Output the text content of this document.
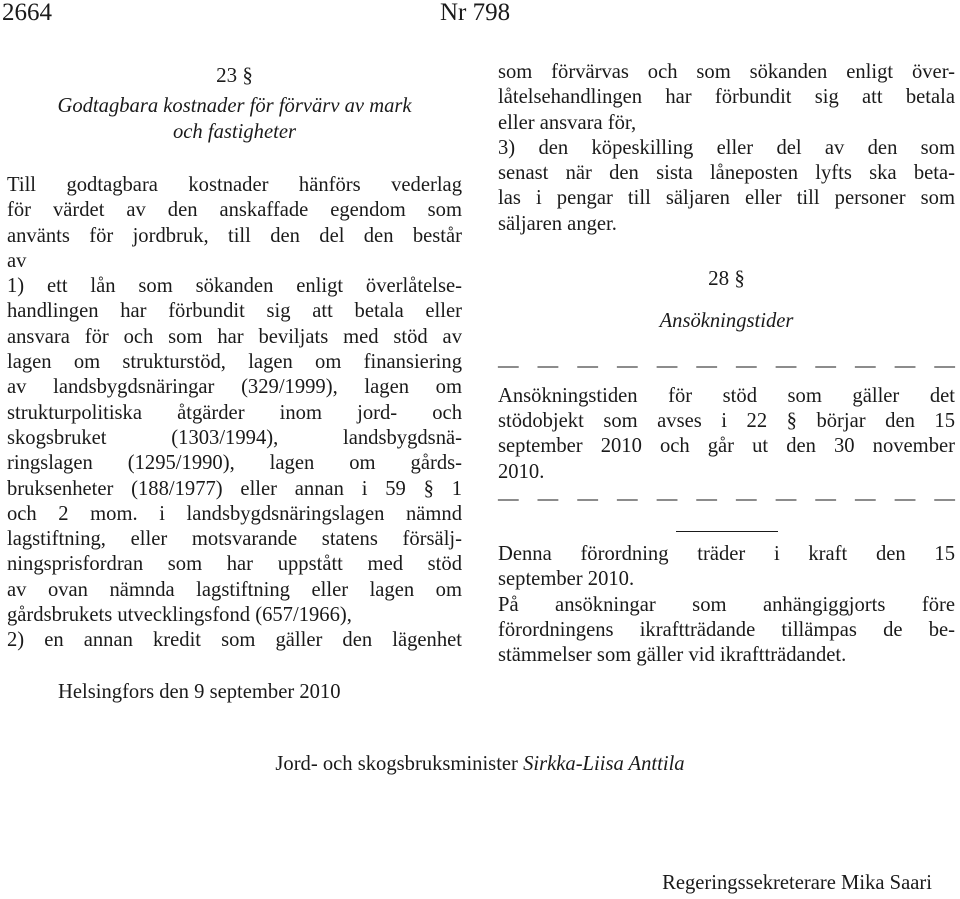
2664	Nr 798
23 §
Godtagbara kostnader för förvärv av mark
och fastigheter
Till godtagbara kostnader hänförs vederlag
för värdet av den anskaffade egendom som
använts för jordbruk, till den del den består
av
1) ett lån som sökanden enligt överlåtelse-
handlingen har förbundit sig att betala eller
ansvara för och som har beviljats med stöd av
lagen om strukturstöd, lagen om finansiering
av landsbygdsnäringar (329/1999), lagen om
strukturpolitiska åtgärder inom jord- och
skogsbruket (1303/1994), landsbygdsnä-
ringslagen (1295/1990), lagen om gårds-
bruksenheter (188/1977) eller annan i 59 § 1
och 2 mom. i landsbygdsnäringslagen nämnd
lagstiftning, eller motsvarande statens försälj-
ningsprisfordran som har uppstått med stöd
av ovan nämnda lagstiftning eller lagen om
gårdsbrukets utvecklingsfond (657/1966),
2) en annan kredit som gäller den lägenhet
som förvärvas och som sökanden enligt över-
låtelsehandlingen har förbundit sig att betala
eller ansvara för,
3) den köpeskilling eller del av den som
senast när den sista låneposten lyfts ska beta-
las i pengar till säljaren eller till personer som
säljaren anger.
28 §
Ansökningstider
— — — — — — — — — — — —
Ansökningstiden för stöd som gäller det
stödobjekt som avses i 22 § börjar den 15
september 2010 och går ut den 30 november
2010.
— — — — — — — — — — — —
Denna förordning träder i kraft den 15
september 2010.
På ansökningar som anhängiggjorts före
förordningens ikraftträdande tillämpas de be-
stämmelser som gäller vid ikraftträdandet.
Helsingfors den 9 september 2010
Jord- och skogsbruksminister Sirkka-Liisa Anttila
Regeringssekreterare Mika Saari
